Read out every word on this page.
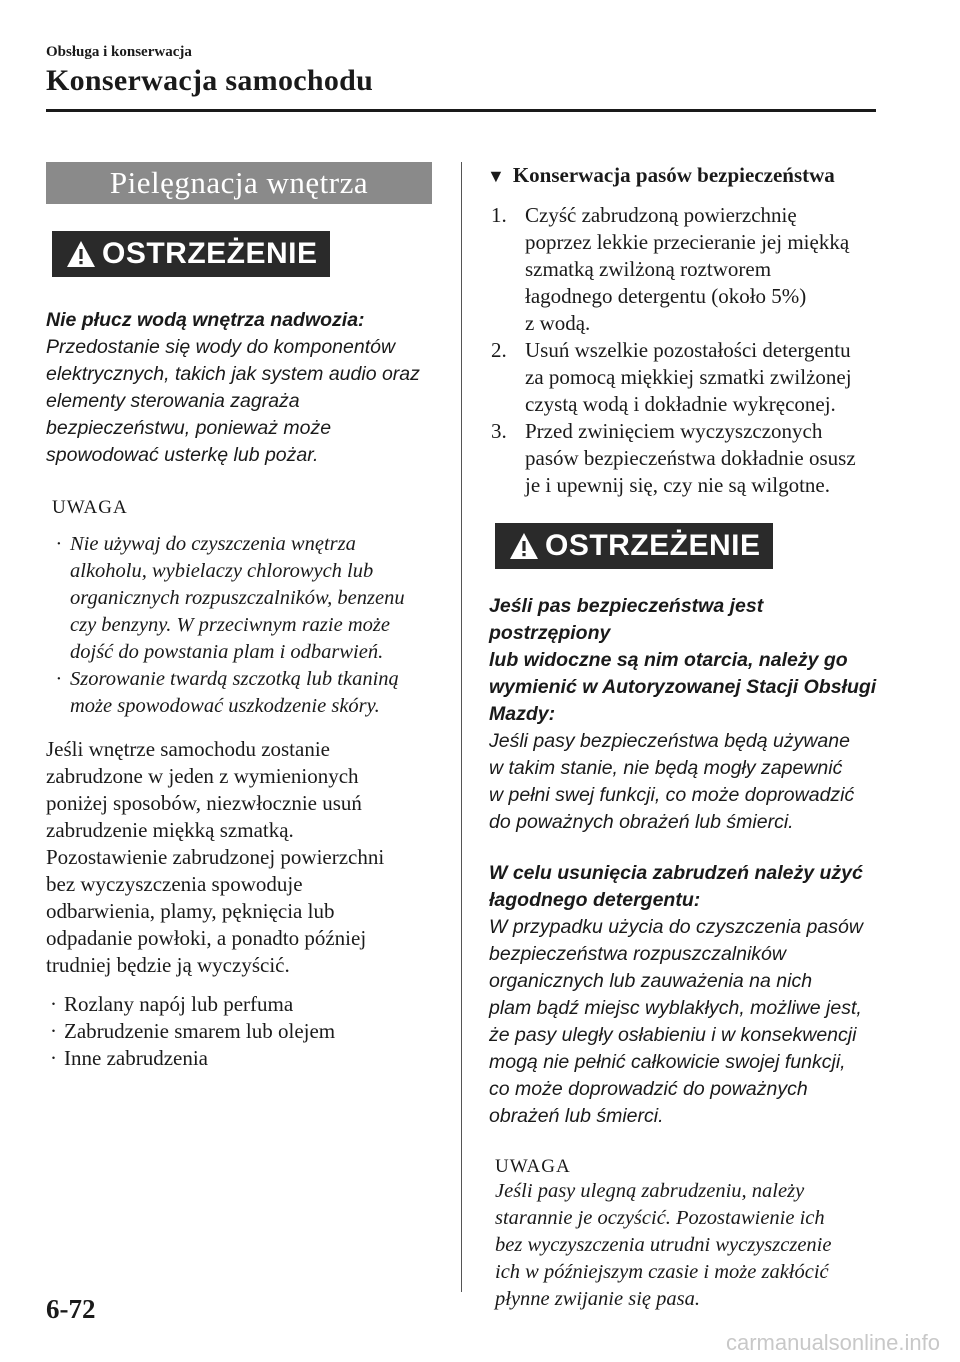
Obsługa i konserwacja
Konserwacja samochodu
Pielęgnacja wnętrza
OSTRZEŻENIE
Nie płucz wodą wnętrza nadwozia:
Przedostanie się wody do komponentów
elektrycznych, takich jak system audio oraz
elementy sterowania zagraża
bezpieczeństwu, ponieważ może
spowodować usterkę lub pożar.
UWAGA
· Nie używaj do czyszczenia wnętrza
alkoholu, wybielaczy chlorowych lub
organicznych rozpuszczalników, benzenu
czy benzyny. W przeciwnym razie może
dojść do powstania plam i odbarwień.
· Szorowanie twardą szczotką lub tkaniną
może spowodować uszkodzenie skóry.
Jeśli wnętrze samochodu zostanie
zabrudzone w jeden z wymienionych
poniżej sposobów, niezwłocznie usuń
zabrudzenie miękką szmatką.
Pozostawienie zabrudzonej powierzchni
bez wyczyszczenia spowoduje
odbarwienia, plamy, pęknięcia lub
odpadanie powłoki, a ponadto później
trudniej będzie ją wyczyścić.
· Rozlany napój lub perfuma
· Zabrudzenie smarem lub olejem
· Inne zabrudzenia
▼ Konserwacja pasów bezpieczeństwa
1. Czyść zabrudzoną powierzchnię
poprzez lekkie przecieranie jej miękką
szmatką zwilżoną roztworem
łagodnego detergentu (około 5%)
z wodą.
2. Usuń wszelkie pozostałości detergentu
za pomocą miękkiej szmatki zwilżonej
czystą wodą i dokładnie wykręconej.
3. Przed zwinięciem wyczyszczonych
pasów bezpieczeństwa dokładnie osusz
je i upewnij się, czy nie są wilgotne.
OSTRZEŻENIE
Jeśli pas bezpieczeństwa jest postrzępiony
lub widoczne są nim otarcia, należy go
wymienić w Autoryzowanej Stacji Obsługi
Mazdy:
Jeśli pasy bezpieczeństwa będą używane
w takim stanie, nie będą mogły zapewnić
w pełni swej funkcji, co może doprowadzić
do poważnych obrażeń lub śmierci.
W celu usunięcia zabrudzeń należy użyć
łagodnego detergentu:
W przypadku użycia do czyszczenia pasów
bezpieczeństwa rozpuszczalników
organicznych lub zauważenia na nich
plam bądź miejsc wyblakłych, możliwe jest,
że pasy uległy osłabieniu i w konsekwencji
mogą nie pełnić całkowicie swojej funkcji,
co może doprowadzić do poważnych
obrażeń lub śmierci.
UWAGA
Jeśli pasy ulegną zabrudzeniu, należy
starannie je oczyścić. Pozostawienie ich
bez wyczyszczenia utrudni wyczyszczenie
ich w późniejszym czasie i może zakłócić
płynne zwijanie się pasa.
6-72
carmanualsonline.info
